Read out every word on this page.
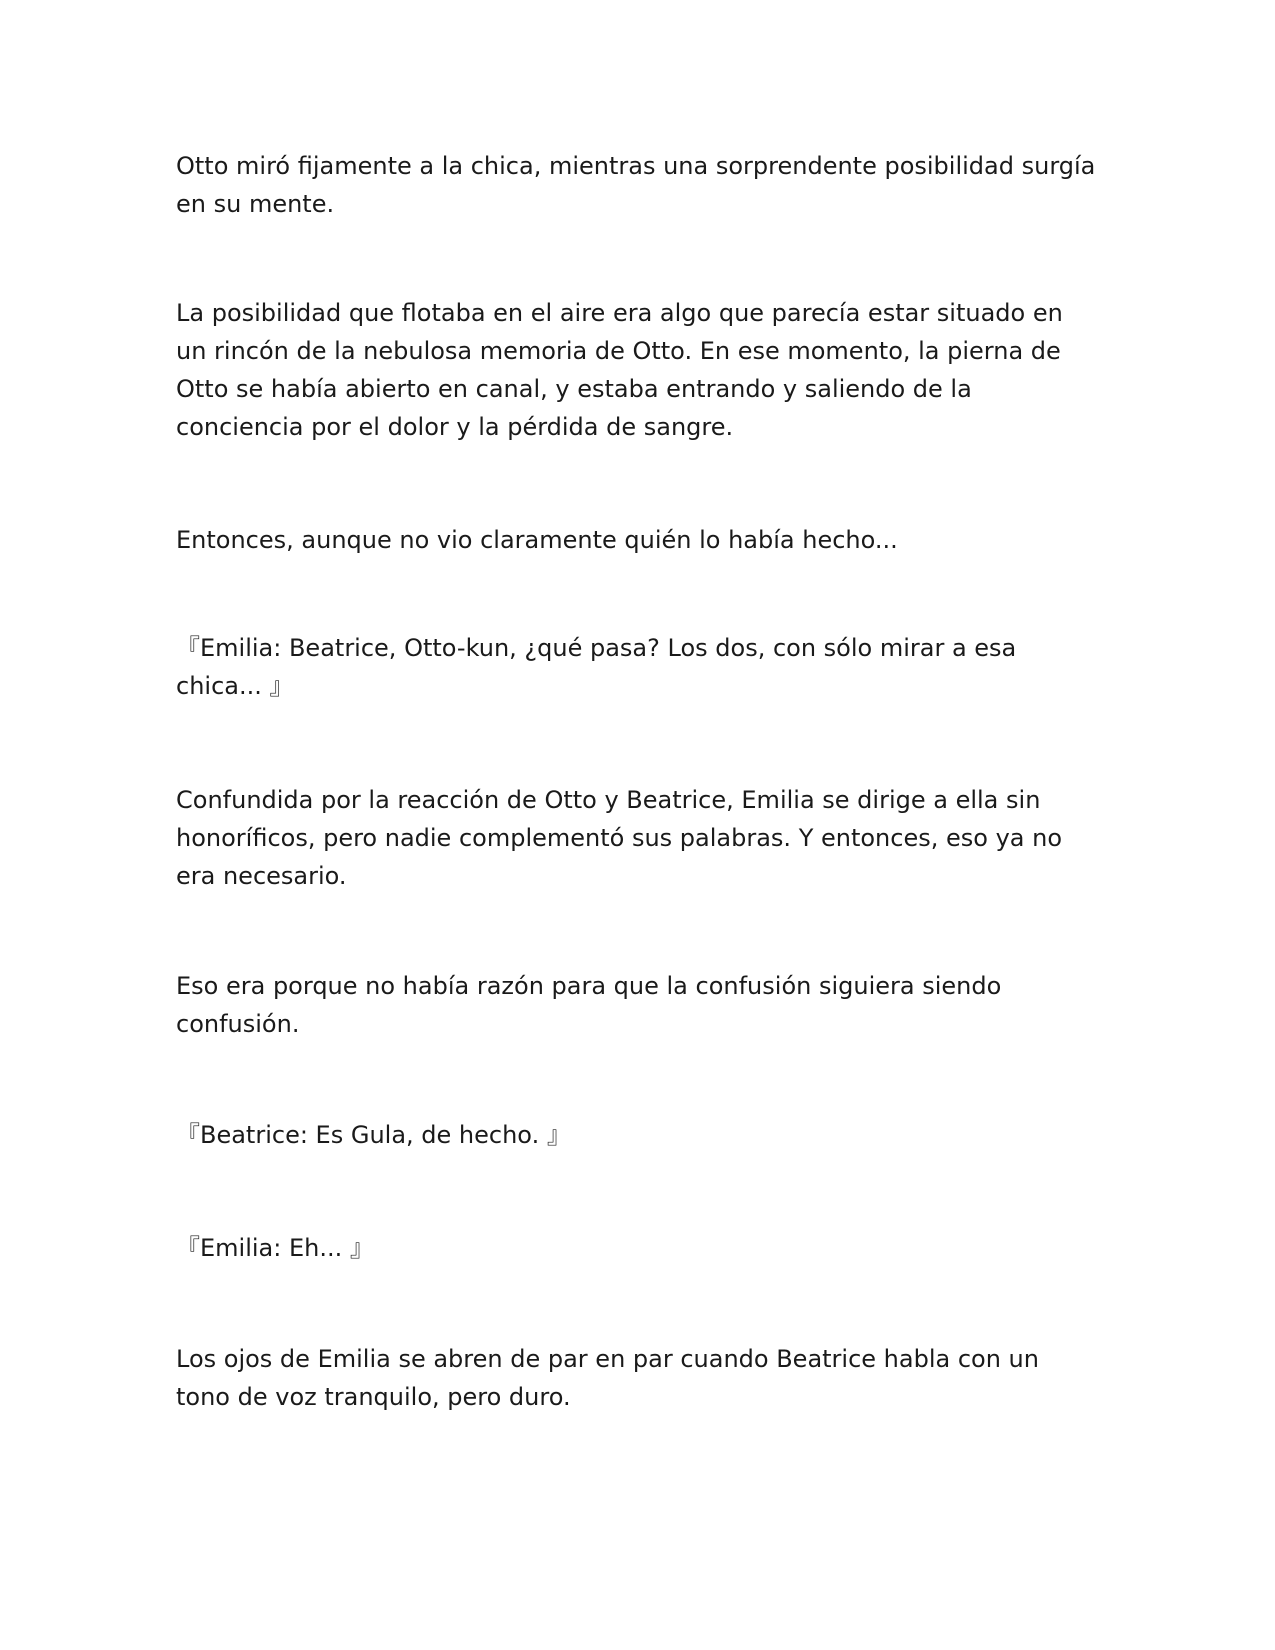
Otto miró fijamente a la chica, mientras una sorprendente posibilidad surgía en su mente.

La posibilidad que flotaba en el aire era algo que parecía estar situado en un rincón de la nebulosa memoria de Otto. En ese momento, la pierna de Otto se había abierto en canal, y estaba entrando y saliendo de la conciencia por el dolor y la pérdida de sangre.

Entonces, aunque no vio claramente quién lo había hecho...

『Emilia: Beatrice, Otto-kun, ¿qué pasa? Los dos, con sólo mirar a esa chica... 』

Confundida por la reacción de Otto y Beatrice, Emilia se dirige a ella sin honoríficos, pero nadie complementó sus palabras. Y entonces, eso ya no era necesario.

Eso era porque no había razón para que la confusión siguiera siendo confusión.

『Beatrice: Es Gula, de hecho. 』

『Emilia: Eh... 』

Los ojos de Emilia se abren de par en par cuando Beatrice habla con un tono de voz tranquilo, pero duro.
